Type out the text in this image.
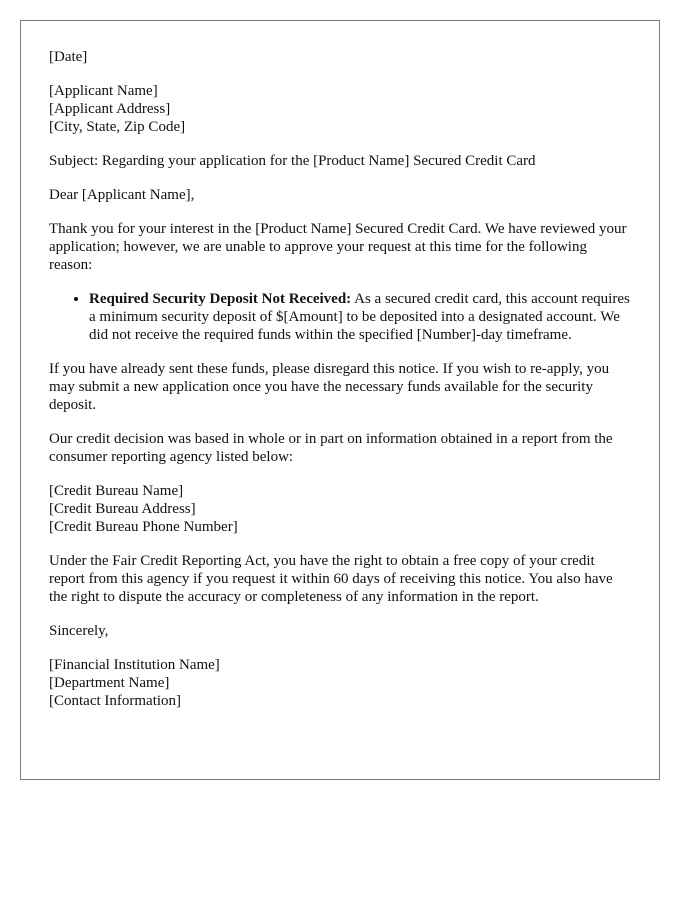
[Date]

[Applicant Name]
[Applicant Address]
[City, State, Zip Code]

Subject: Regarding your application for the [Product Name] Secured Credit Card

Dear [Applicant Name],

Thank you for your interest in the [Product Name] Secured Credit Card. We have reviewed your application; however, we are unable to approve your request at this time for the following reason:

• Required Security Deposit Not Received: As a secured credit card, this account requires a minimum security deposit of $[Amount] to be deposited into a designated account. We did not receive the required funds within the specified [Number]-day timeframe.

If you have already sent these funds, please disregard this notice. If you wish to re-apply, you may submit a new application once you have the necessary funds available for the security deposit.

Our credit decision was based in whole or in part on information obtained in a report from the consumer reporting agency listed below:

[Credit Bureau Name]
[Credit Bureau Address]
[Credit Bureau Phone Number]

Under the Fair Credit Reporting Act, you have the right to obtain a free copy of your credit report from this agency if you request it within 60 days of receiving this notice. You also have the right to dispute the accuracy or completeness of any information in the report.

Sincerely,

[Financial Institution Name]
[Department Name]
[Contact Information]
